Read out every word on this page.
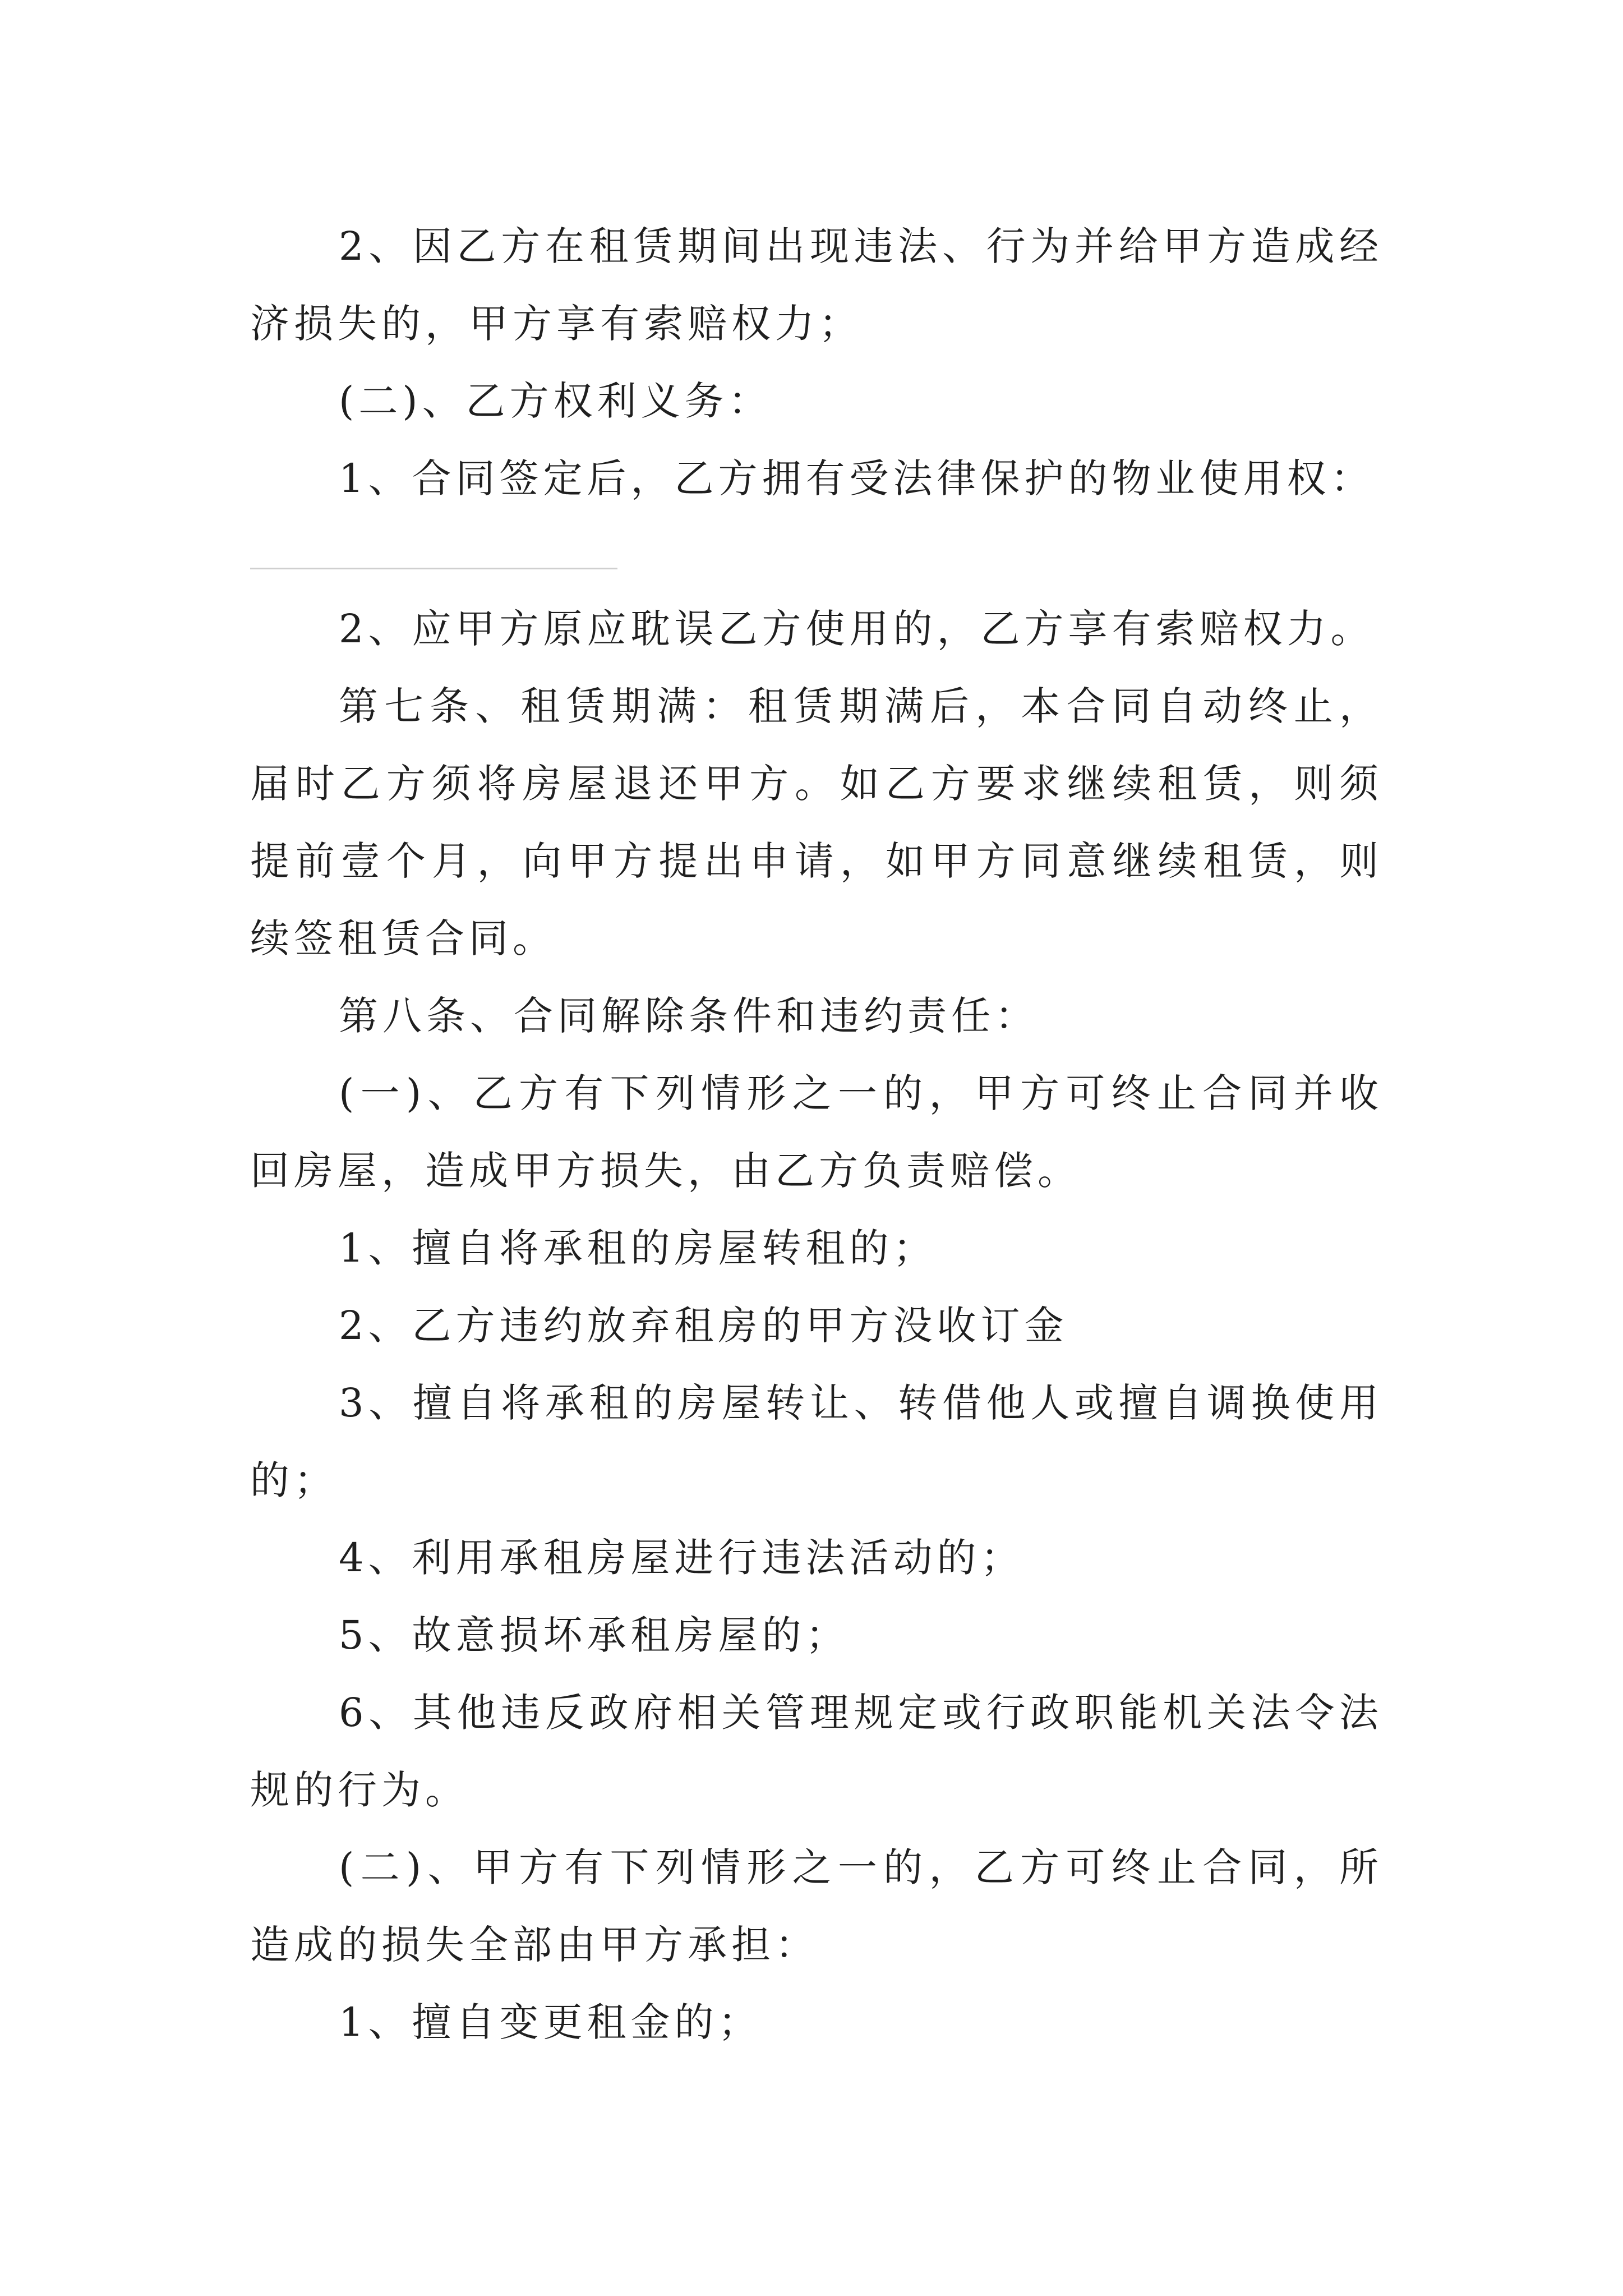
2、因乙方在租赁期间出现违法、行为并给甲方造成经济损失的，甲方享有索赔权力；

(二)、乙方权利义务：

1、合同签定后，乙方拥有受法律保护的物业使用权：

2、应甲方原应耽误乙方使用的，乙方享有索赔权力。

第七条、租赁期满：租赁期满后，本合同自动终止，届时乙方须将房屋退还甲方。如乙方要求继续租赁，则须提前壹个月，向甲方提出申请，如甲方同意继续租赁，则续签租赁合同。

第八条、合同解除条件和违约责任：

(一)、乙方有下列情形之一的，甲方可终止合同并收回房屋，造成甲方损失，由乙方负责赔偿。

1、擅自将承租的房屋转租的；

2、乙方违约放弃租房的甲方没收订金

3、擅自将承租的房屋转让、转借他人或擅自调换使用的；

4、利用承租房屋进行违法活动的；

5、故意损坏承租房屋的；

6、其他违反政府相关管理规定或行政职能机关法令法规的行为。

(二)、甲方有下列情形之一的，乙方可终止合同，所造成的损失全部由甲方承担：

1、擅自变更租金的；
